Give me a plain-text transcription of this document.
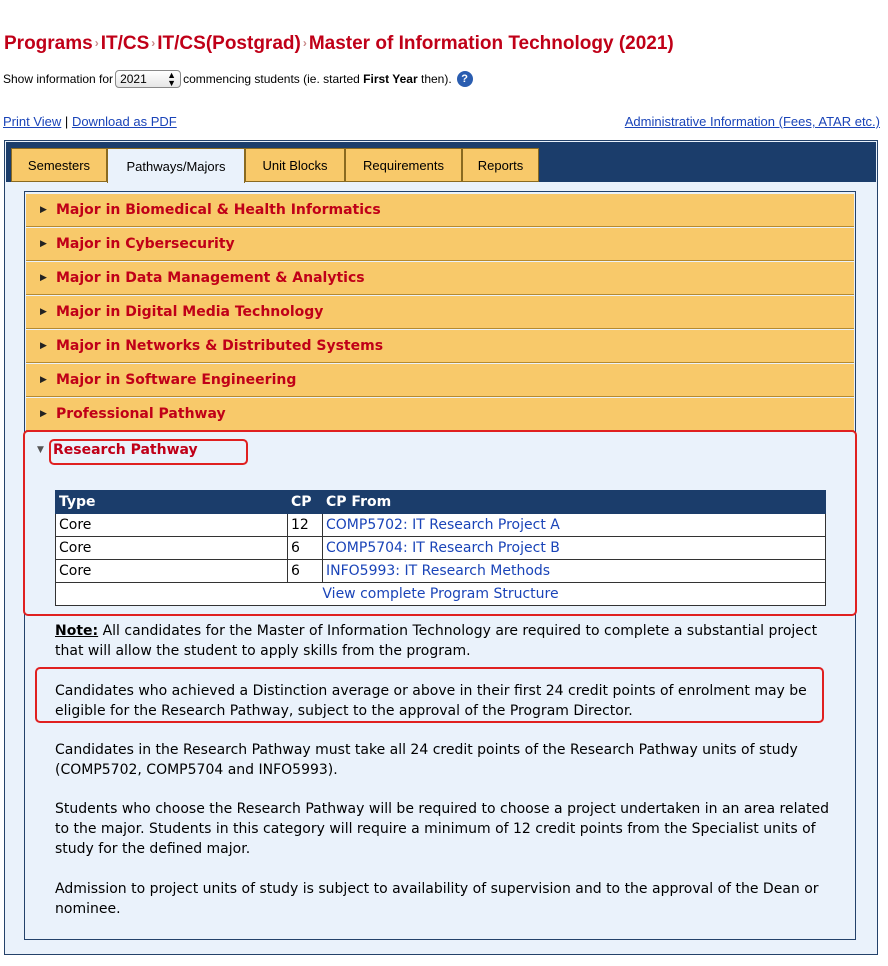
Programs › IT/CS › IT/CS(Postgrad) › Master of Information Technology (2021)
Show information for 2021 ▲
▼ commencing students (ie. started
First Year
then). ?
Print View | Download as PDF	Administrative Information (Fees, ATAR etc.)
Semesters	Pathways/Majors	Unit Blocks	Requirements	Reports
▶ Major in Biomedical & Health Informatics
▶ Major in Cybersecurity
▶ Major in Data Management & Analytics
▶ Major in Digital Media Technology
▶ Major in Networks & Distributed Systems
▶ Major in Software Engineering
▶ Professional Pathway
▼ Research Pathway
Type	CP	CP From
Core	12	COMP5702: IT Research Project A
Core	6	COMP5704: IT Research Project B
Core	6	INFO5993: IT Research Methods
View complete Program Structure		
Note: All candidates for the Master of Information Technology are required to complete a substantial project that will allow the student to apply skills from the program.
Candidates who achieved a Distinction average or above in their first 24 credit points of enrolment may be eligible for the Research Pathway, subject to the approval of the Program Director.
Candidates in the Research Pathway must take all 24 credit points of the Research Pathway units of study (COMP5702, COMP5704 and INFO5993).
Students who choose the Research Pathway will be required to choose a project undertaken in an area related to the major. Students in this category will require a minimum of 12 credit points from the Specialist units of study for the defined major.
Admission to project units of study is subject to availability of supervision and to the approval of the Dean or nominee.
